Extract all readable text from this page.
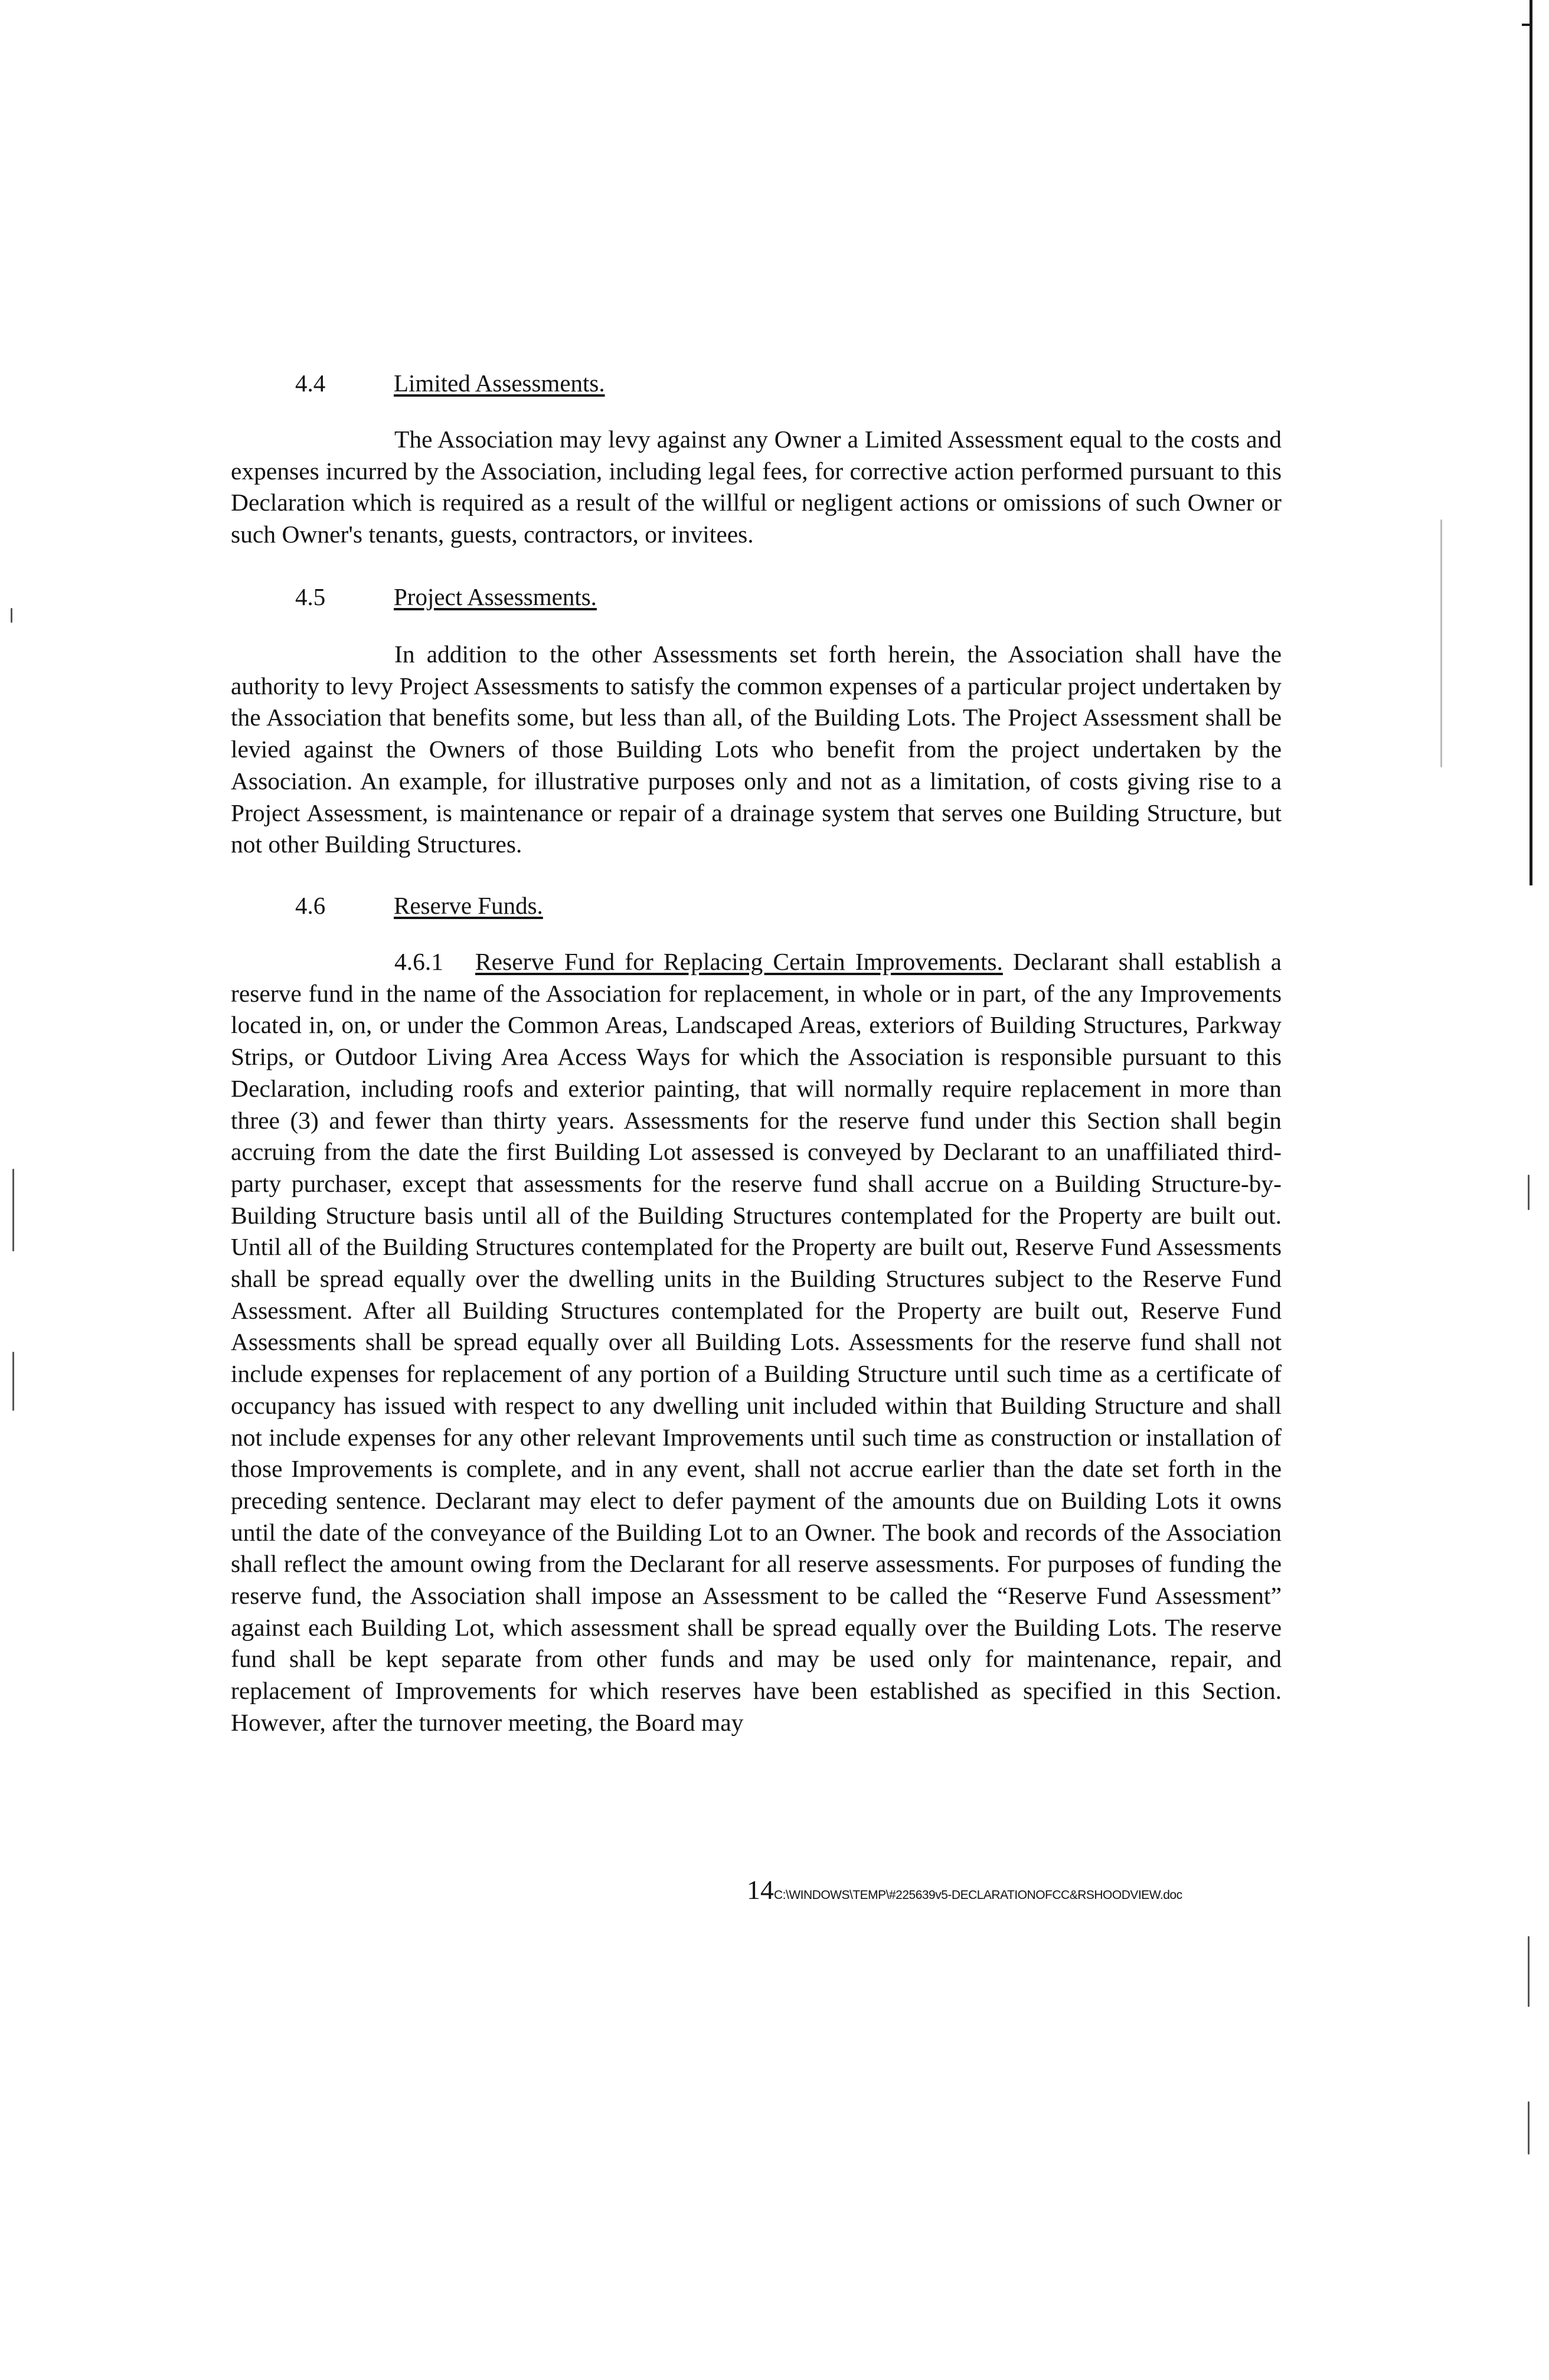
4.4	Limited Assessments.
The Association may levy against any Owner a Limited Assessment equal to the costs and expenses incurred by the Association, including legal fees, for corrective action performed pursuant to this Declaration which is required as a result of the willful or negligent actions or omissions of such Owner or such Owner's tenants, guests, contractors, or invitees.
4.5	Project Assessments.
In addition to the other Assessments set forth herein, the Association shall have the authority to levy Project Assessments to satisfy the common expenses of a particular project undertaken by the Association that benefits some, but less than all, of the Building Lots. The Project Assessment shall be levied against the Owners of those Building Lots who benefit from the project undertaken by the Association. An example, for illustrative purposes only and not as a limitation, of costs giving rise to a Project Assessment, is maintenance or repair of a drainage system that serves one Building Structure, but not other Building Structures.
4.6	Reserve Funds.
4.6.1 Reserve Fund for Replacing Certain Improvements. Declarant shall establish a reserve fund in the name of the Association for replacement, in whole or in part, of the any Improvements located in, on, or under the Common Areas, Landscaped Areas, exteriors of Building Structures, Parkway Strips, or Outdoor Living Area Access Ways for which the Association is responsible pursuant to this Declaration, including roofs and exterior painting, that will normally require replacement in more than three (3) and fewer than thirty years. Assessments for the reserve fund under this Section shall begin accruing from the date the first Building Lot assessed is conveyed by Declarant to an unaffiliated third-party purchaser, except that assessments for the reserve fund shall accrue on a Building Structure-by-Building Structure basis until all of the Building Structures contemplated for the Property are built out. Until all of the Building Structures contemplated for the Property are built out, Reserve Fund Assessments shall be spread equally over the dwelling units in the Building Structures subject to the Reserve Fund Assessment. After all Building Structures contemplated for the Property are built out, Reserve Fund Assessments shall be spread equally over all Building Lots. Assessments for the reserve fund shall not include expenses for replacement of any portion of a Building Structure until such time as a certificate of occupancy has issued with respect to any dwelling unit included within that Building Structure and shall not include expenses for any other relevant Improvements until such time as construction or installation of those Improvements is complete, and in any event, shall not accrue earlier than the date set forth in the preceding sentence. Declarant may elect to defer payment of the amounts due on Building Lots it owns until the date of the conveyance of the Building Lot to an Owner. The book and records of the Association shall reflect the amount owing from the Declarant for all reserve assessments. For purposes of funding the reserve fund, the Association shall impose an Assessment to be called the “Reserve Fund Assessment” against each Building Lot, which assessment shall be spread equally over the Building Lots. The reserve fund shall be kept separate from other funds and may be used only for maintenance, repair, and replacement of Improvements for which reserves have been established as specified in this Section. However, after the turnover meeting, the Board may
14C:\WINDOWS\TEMP\#225639v5-DECLARATIONOFCC&RSHOODVIEW.doc
